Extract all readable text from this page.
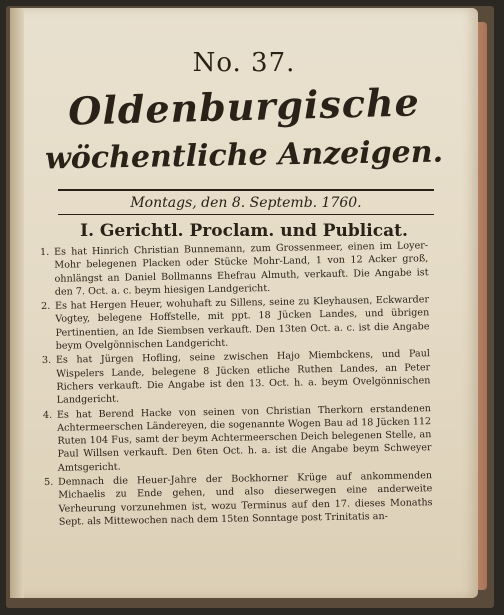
No. 37.
Oldenburgische
wöchentliche Anzeigen.
Montags, den 8. Septemb. 1760.
I. Gerichtl. Proclam. und Publicat.
1. Es hat Hinrich Christian Bunnemann, zum Grossenmeer, einen im Loyer-Mohr belegenen Placken oder Stücke Mohr-Land, 1 von 12 Acker groß, ohnlängst an Daniel Bollmanns Ehefrau Almuth, verkauft. Die Angabe ist den 7. Oct. a. c. beym hiesigen Landgericht.
2. Es hat Hergen Heuer, wohuhaft zu Sillens, seine zu Kleyhausen, Eckwarder Vogtey, belegene Hoffstelle, mit ppt. 18 Jücken Landes, und übrigen Pertinentien, an Ide Siembsen verkauft. Den 13ten Oct. a. c. ist die Angabe beym Ovelgönnischen Landgericht.
3. Es hat Jürgen Hofling, seine zwischen Hajo Miembckens, und Paul Wispelers Lande, belegene 8 Jücken etliche Ruthen Landes, an Peter Richers verkauft. Die Angabe ist den 13. Oct. h. a. beym Ovelgönnischen Landgericht.
4. Es hat Berend Hacke von seinen von Christian Therkorn erstandenen Achtermeerschen Ländereyen, die sogenannte Wogen Bau ad 18 Jücken 112 Ruten 104 Fus, samt der beym Achtermeerschen Deich belegenen Stelle, an Paul Willsen verkauft. Den 6ten Oct. h. a. ist die Angabe beym Schweyer Amtsgericht.
5. Demnach die Heuer-Jahre der Bockhorner Krüge auf ankommenden Michaelis zu Ende gehen, und also dieserwegen eine anderweite Verheurung vorzunehmen ist, wozu Terminus auf den 17. dieses Monaths Sept. als Mittewochen nach dem 15ten Sonntage post Trinitatis an-
